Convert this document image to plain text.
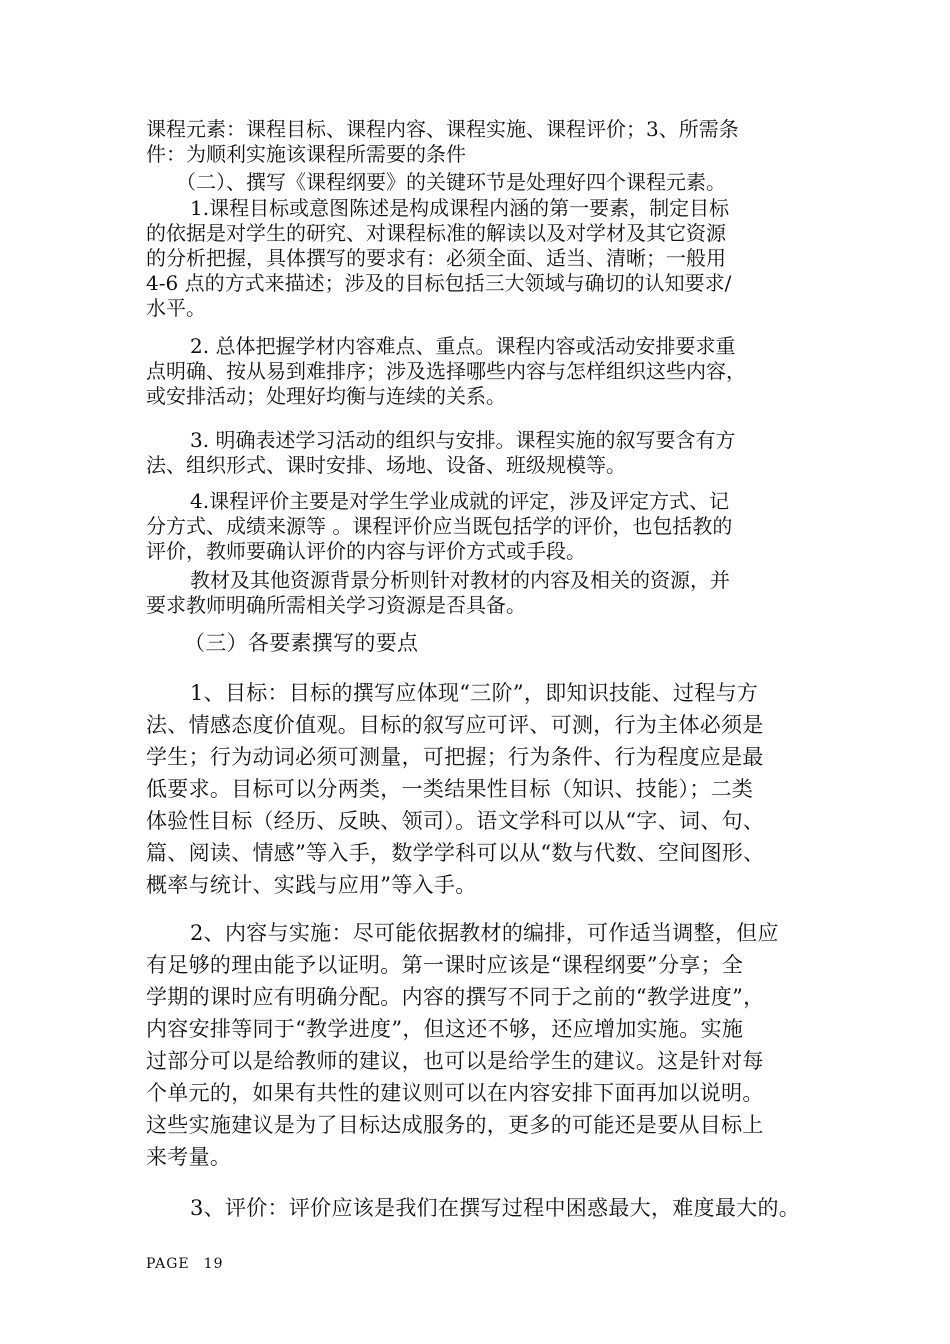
课程元素：课程目标、课程内容、课程实施、课程评价；3、所需条
件：为顺利实施该课程所需要的条件
（二）、撰写《课程纲要》的关键环节是处理好四个课程元素。
1.课程目标或意图陈述是构成课程内涵的第一要素，制定目标
的依据是对学生的研究、对课程标准的解读以及对学材及其它资源
的分析把握，具体撰写的要求有：必须全面、适当、清晰；一般用
4-6 点的方式来描述；涉及的目标包括三大领域与确切的认知要求/
水平。
2. 总体把握学材内容难点、重点。课程内容或活动安排要求重
点明确、按从易到难排序；涉及选择哪些内容与怎样组织这些内容，
或安排活动；处理好均衡与连续的关系。
3. 明确表述学习活动的组织与安排。课程实施的叙写要含有方
法、组织形式、课时安排、场地、设备、班级规模等。
4.课程评价主要是对学生学业成就的评定，涉及评定方式、记
分方式、成绩来源等 。课程评价应当既包括学的评价，也包括教的
评价，教师要确认评价的内容与评价方式或手段。
教材及其他资源背景分析则针对教材的内容及相关的资源，并
要求教师明确所需相关学习资源是否具备。
（三）各要素撰写的要点
1、目标：目标的撰写应体现“三阶”，即知识技能、过程与方
法、情感态度价值观。目标的叙写应可评、可测，行为主体必须是
学生；行为动词必须可测量，可把握；行为条件、行为程度应是最
低要求。目标可以分两类，一类结果性目标（知识、技能）；二类
体验性目标（经历、反映、领司）。语文学科可以从“字、词、句、
篇、阅读、情感”等入手，数学学科可以从“数与代数、空间图形、
概率与统计、实践与应用”等入手。
2、内容与实施：尽可能依据教材的编排，可作适当调整，但应
有足够的理由能予以证明。第一课时应该是“课程纲要”分享；全
学期的课时应有明确分配。内容的撰写不同于之前的“教学进度”，
内容安排等同于“教学进度”，但这还不够，还应增加实施。实施
过部分可以是给教师的建议，也可以是给学生的建议。这是针对每
个单元的，如果有共性的建议则可以在内容安排下面再加以说明。
这些实施建议是为了目标达成服务的，更多的可能还是要从目标上
来考量。
3、评价：评价应该是我们在撰写过程中困惑最大，难度最大的。
PAGE 19
